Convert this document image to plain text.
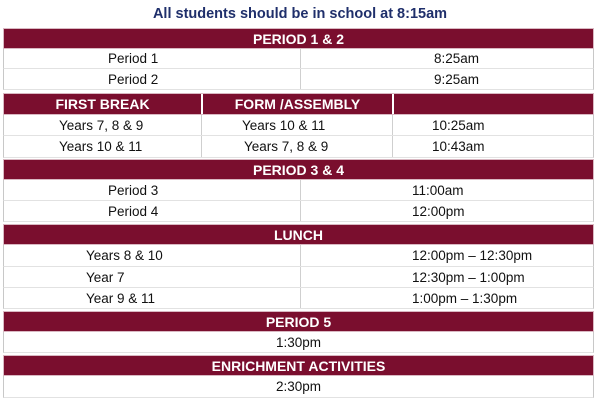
All students should be in school at 8:15am
PERIOD 1 & 2
Period 1	8:25am
Period 2	9:25am
FIRST BREAK	FORM /ASSEMBLY
Years 7, 8 & 9	Years 10 & 11	10:25am
Years 10 & 11	Years 7, 8 & 9	10:43am
PERIOD 3 & 4
Period 3	11:00am
Period 4	12:00pm
LUNCH
Years 8 & 10	12:00pm – 12:30pm
Year 7	12:30pm – 1:00pm
Year 9 & 11	1:00pm – 1:30pm
PERIOD 5
1:30pm
ENRICHMENT ACTIVITIES
2:30pm
